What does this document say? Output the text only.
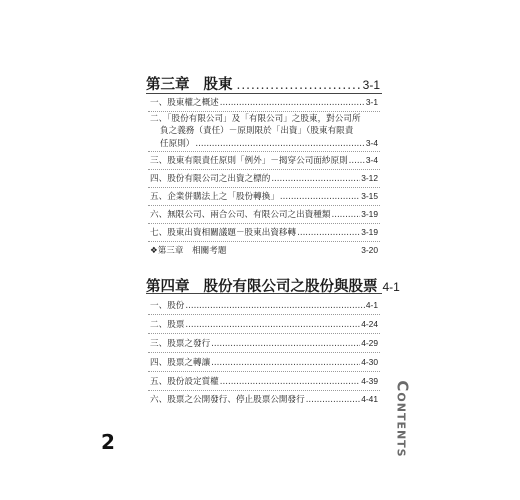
第三章 股東 .....	3-1
一、股東權之概述 .....	3-1
二、「股份有限公司」及「有限公司」之股東，對公司所
負之義務（責任）－原則限於「出資」（股東有限責
任原則） .....	3-4
三、股東有限責任原則「例外」－揭穿公司面紗原則 ..... 3-4
四、股份有限公司之出資之標的 .....	3-12
五、企業併購法上之「股份轉換」 .....	3-15
六、無限公司、兩合公司、有限公司之出資種類 .....	3-19
七、股東出資相關議題－股東出資移轉 .....	3-19
❖第三章　相關考題	3-20
第四章 股份有限公司之股份與股票 4-1
一、股份 .....	4-1
二、股票 .....	4-24
三、股票之發行 .....	4-29
四、股票之轉讓 .....	4-30
五、股份設定質權 .....	4-39
六、股票之公開發行、停止股票公開發行 .....	4-41 Contents
2
